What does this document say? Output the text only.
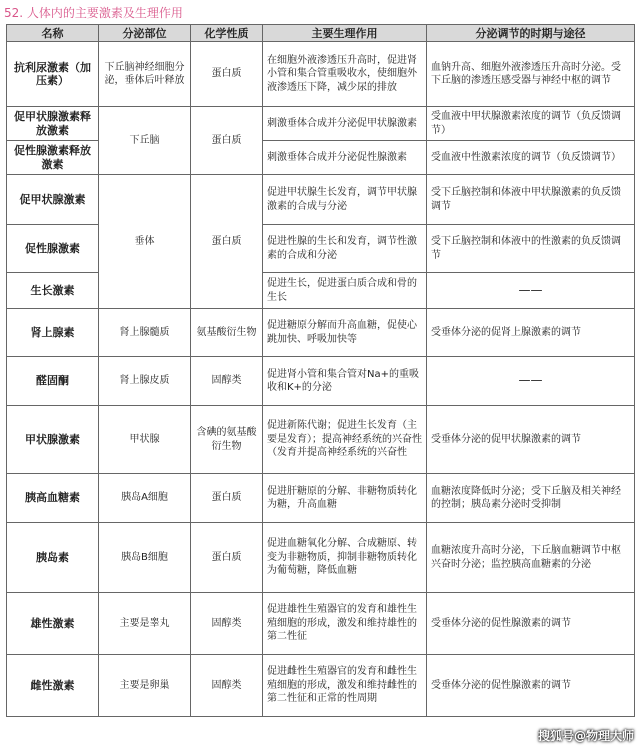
52. 人体内的主要激素及生理作用
名称	分泌部位	化学性质	主要生理作用	分泌调节的时期与途径
抗利尿激素（加压素）	下丘脑神经细胞分泌，垂体后叶释放	蛋白质	在细胞外液渗透压升高时，促进肾小管和集合管重吸收水，使细胞外液渗透压下降，减少尿的排放	血钠升高、细胞外液渗透压升高时分泌。受下丘脑的渗透压感受器与神经中枢的调节
促甲状腺激素释放激素	下丘脑	蛋白质	刺激垂体合成并分泌促甲状腺激素	受血液中甲状腺激素浓度的调节（负反馈调节）
促性腺激素释放激素			刺激垂体合成并分泌促性腺激素	受血液中性激素浓度的调节（负反馈调节）
促甲状腺激素	垂体	蛋白质	促进甲状腺生长发育，调节甲状腺激素的合成与分泌	受下丘脑控制和体液中甲状腺激素的负反馈调节
促性腺激素			促进性腺的生长和发育，调节性激素的合成和分泌	受下丘脑控制和体液中的性激素的负反馈调节
生长激素			促进生长，促进蛋白质合成和骨的生长	——
肾上腺素	肾上腺髓质	氨基酸衍生物	促进糖原分解而升高血糖，促使心跳加快、呼吸加快等	受垂体分泌的促肾上腺激素的调节
醛固酮	肾上腺皮质	固醇类	促进肾小管和集合管对Na+的重吸收和K+的分泌	——
甲状腺激素	甲状腺	含碘的氨基酸衍生物	促进新陈代谢；促进生长发育（主要是发育）；提高神经系统的兴奋性（发育并提高神经系统的兴奋性	受垂体分泌的促甲状腺激素的调节
胰高血糖素	胰岛A细胞	蛋白质	促进肝糖原的分解、非糖物质转化为糖，升高血糖	血糖浓度降低时分泌；受下丘脑及相关神经的控制；胰岛素分泌时受抑制
胰岛素	胰岛B细胞	蛋白质	促进血糖氧化分解、合成糖原、转变为非糖物质，抑制非糖物质转化为葡萄糖，降低血糖	血糖浓度升高时分泌，下丘脑血糖调节中枢兴奋时分泌；监控胰高血糖素的分泌
雄性激素	主要是睾丸	固醇类	促进雄性生殖器官的发育和雄性生殖细胞的形成，激发和维持雄性的第二性征	受垂体分泌的促性腺激素的调节
雌性激素	主要是卵巢	固醇类	促进雌性生殖器官的发育和雌性生殖细胞的形成，激发和维持雌性的第二性征和正常的性周期	受垂体分泌的促性腺激素的调节
搜狐号@物理大师
